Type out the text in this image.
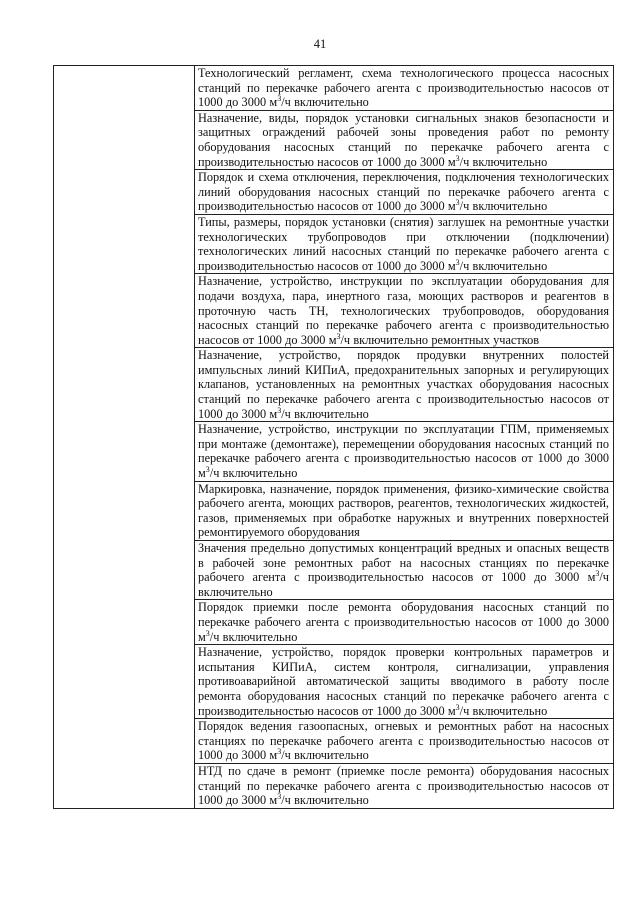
41
	Технологический регламент, схема технологического процесса насосных станций по перекачке рабочего агента с производительностью насосов от 1000 до 3000 $м^3/ч$ включительно
Назначение, виды, порядок установки сигнальных знаков безопасности и защитных ограждений рабочей зоны проведения работ по ремонту оборудования насосных станций по перекачке рабочего агента с производительностью насосов от 1000 до 3000 $м^3/ч$ включительно
Порядок и схема отключения, переключения, подключения технологических линий оборудования насосных станций по перекачке рабочего агента с производительностью насосов от 1000 до 3000 $м^3/ч$ включительно
Типы, размеры, порядок установки (снятия) заглушек на ремонтные участки технологических трубопроводов при отключении (подключении) технологических линий насосных станций по перекачке рабочего агента с производительностью насосов от 1000 до 3000 $м^3/ч$ включительно
Назначение, устройство, инструкции по эксплуатации оборудования для подачи воздуха, пара, инертного газа, моющих растворов и реагентов в проточную часть ТН, технологических трубопроводов, оборудования насосных станций по перекачке рабочего агента с производительностью насосов от 1000 до 3000 $м^3/ч$ включительно ремонтных участков
Назначение, устройство, порядок продувки внутренних полостей импульсных линий КИПиА, предохранительных запорных и регулирующих клапанов, установленных на ремонтных участках оборудования насосных станций по перекачке рабочего агента с производительностью насосов от 1000 до 3000 $м^3/ч$ включительно
Назначение, устройство, инструкции по эксплуатации ГПМ, применяемых при монтаже (демонтаже), перемещении оборудования насосных станций по перекачке рабочего агента с производительностью насосов от 1000 до 3000 $м^3/ч$ включительно
Маркировка, назначение, порядок применения, физико-химические свойства рабочего агента, моющих растворов, реагентов, технологических жидкостей, газов, применяемых при обработке наружных и внутренних поверхностей ремонтируемого оборудования
Значения предельно допустимых концентраций вредных и опасных веществ в рабочей зоне ремонтных работ на насосных станциях по перекачке рабочего агента с производительностью насосов от 1000 до 3000 $м^3/ч$ включительно
Порядок приемки после ремонта оборудования насосных станций по перекачке рабочего агента с производительностью насосов от 1000 до 3000 $м^3/ч$ включительно
Назначение, устройство, порядок проверки контрольных параметров и испытания КИПиА, систем контроля, сигнализации, управления противоаварийной автоматической защиты вводимого в работу после ремонта оборудования насосных станций по перекачке рабочего агента с производительностью насосов от 1000 до 3000 $м^3/ч$ включительно
Порядок ведения газоопасных, огневых и ремонтных работ на насосных станциях по перекачке рабочего агента с производительностью насосов от 1000 до 3000 $м^3/ч$ включительно
НТД по сдаче в ремонт (приемке после ремонта) оборудования насосных станций по перекачке рабочего агента с производительностью насосов от 1000 до 3000 $м^3/ч$ включительно
